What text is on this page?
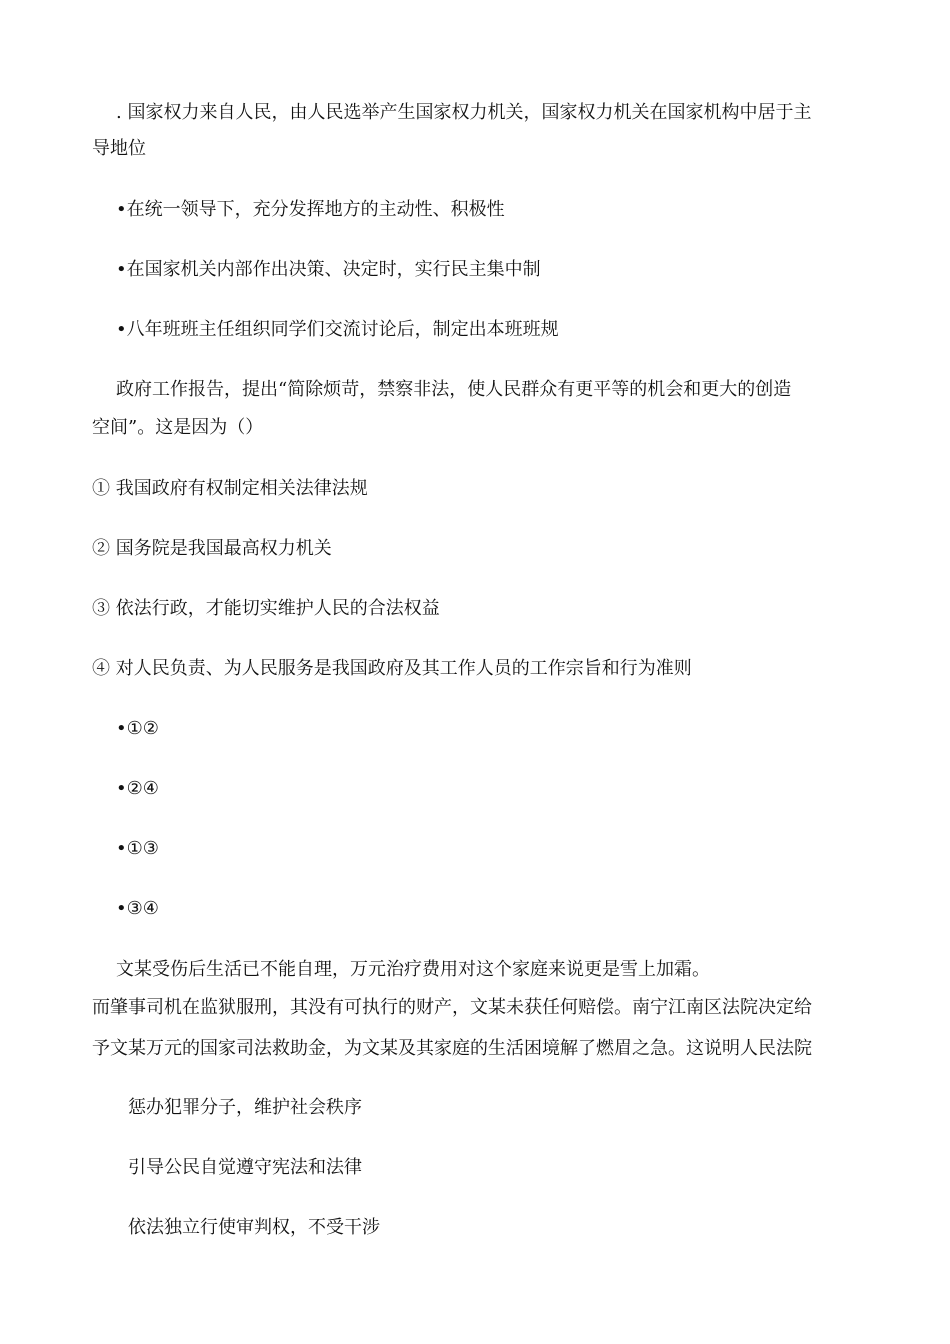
. 国家权力来自人民，由人民选举产生国家权力机关，国家权力机关在国家机构中居于主
导地位
•在统一领导下，充分发挥地方的主动性、积极性
•在国家机关内部作出决策、决定时，实行民主集中制
•八年班班主任组织同学们交流讨论后，制定出本班班规
政府工作报告，提出“简除烦苛，禁察非法，使人民群众有更平等的机会和更大的创造
空间”。这是因为（）
① 我国政府有权制定相关法律法规
② 国务院是我国最高权力机关
③ 依法行政，才能切实维护人民的合法权益
④ 对人民负责、为人民服务是我国政府及其工作人员的工作宗旨和行为准则
•①②
•②④
•①③
•③④
文某受伤后生活已不能自理，万元治疗费用对这个家庭来说更是雪上加霜。
而肇事司机在监狱服刑，其没有可执行的财产，文某未获任何赔偿。南宁江南区法院决定给
予文某万元的国家司法救助金，为文某及其家庭的生活困境解了燃眉之急。这说明人民法院
惩办犯罪分子，维护社会秩序
引导公民自觉遵守宪法和法律
依法独立行使审判权，不受干涉
